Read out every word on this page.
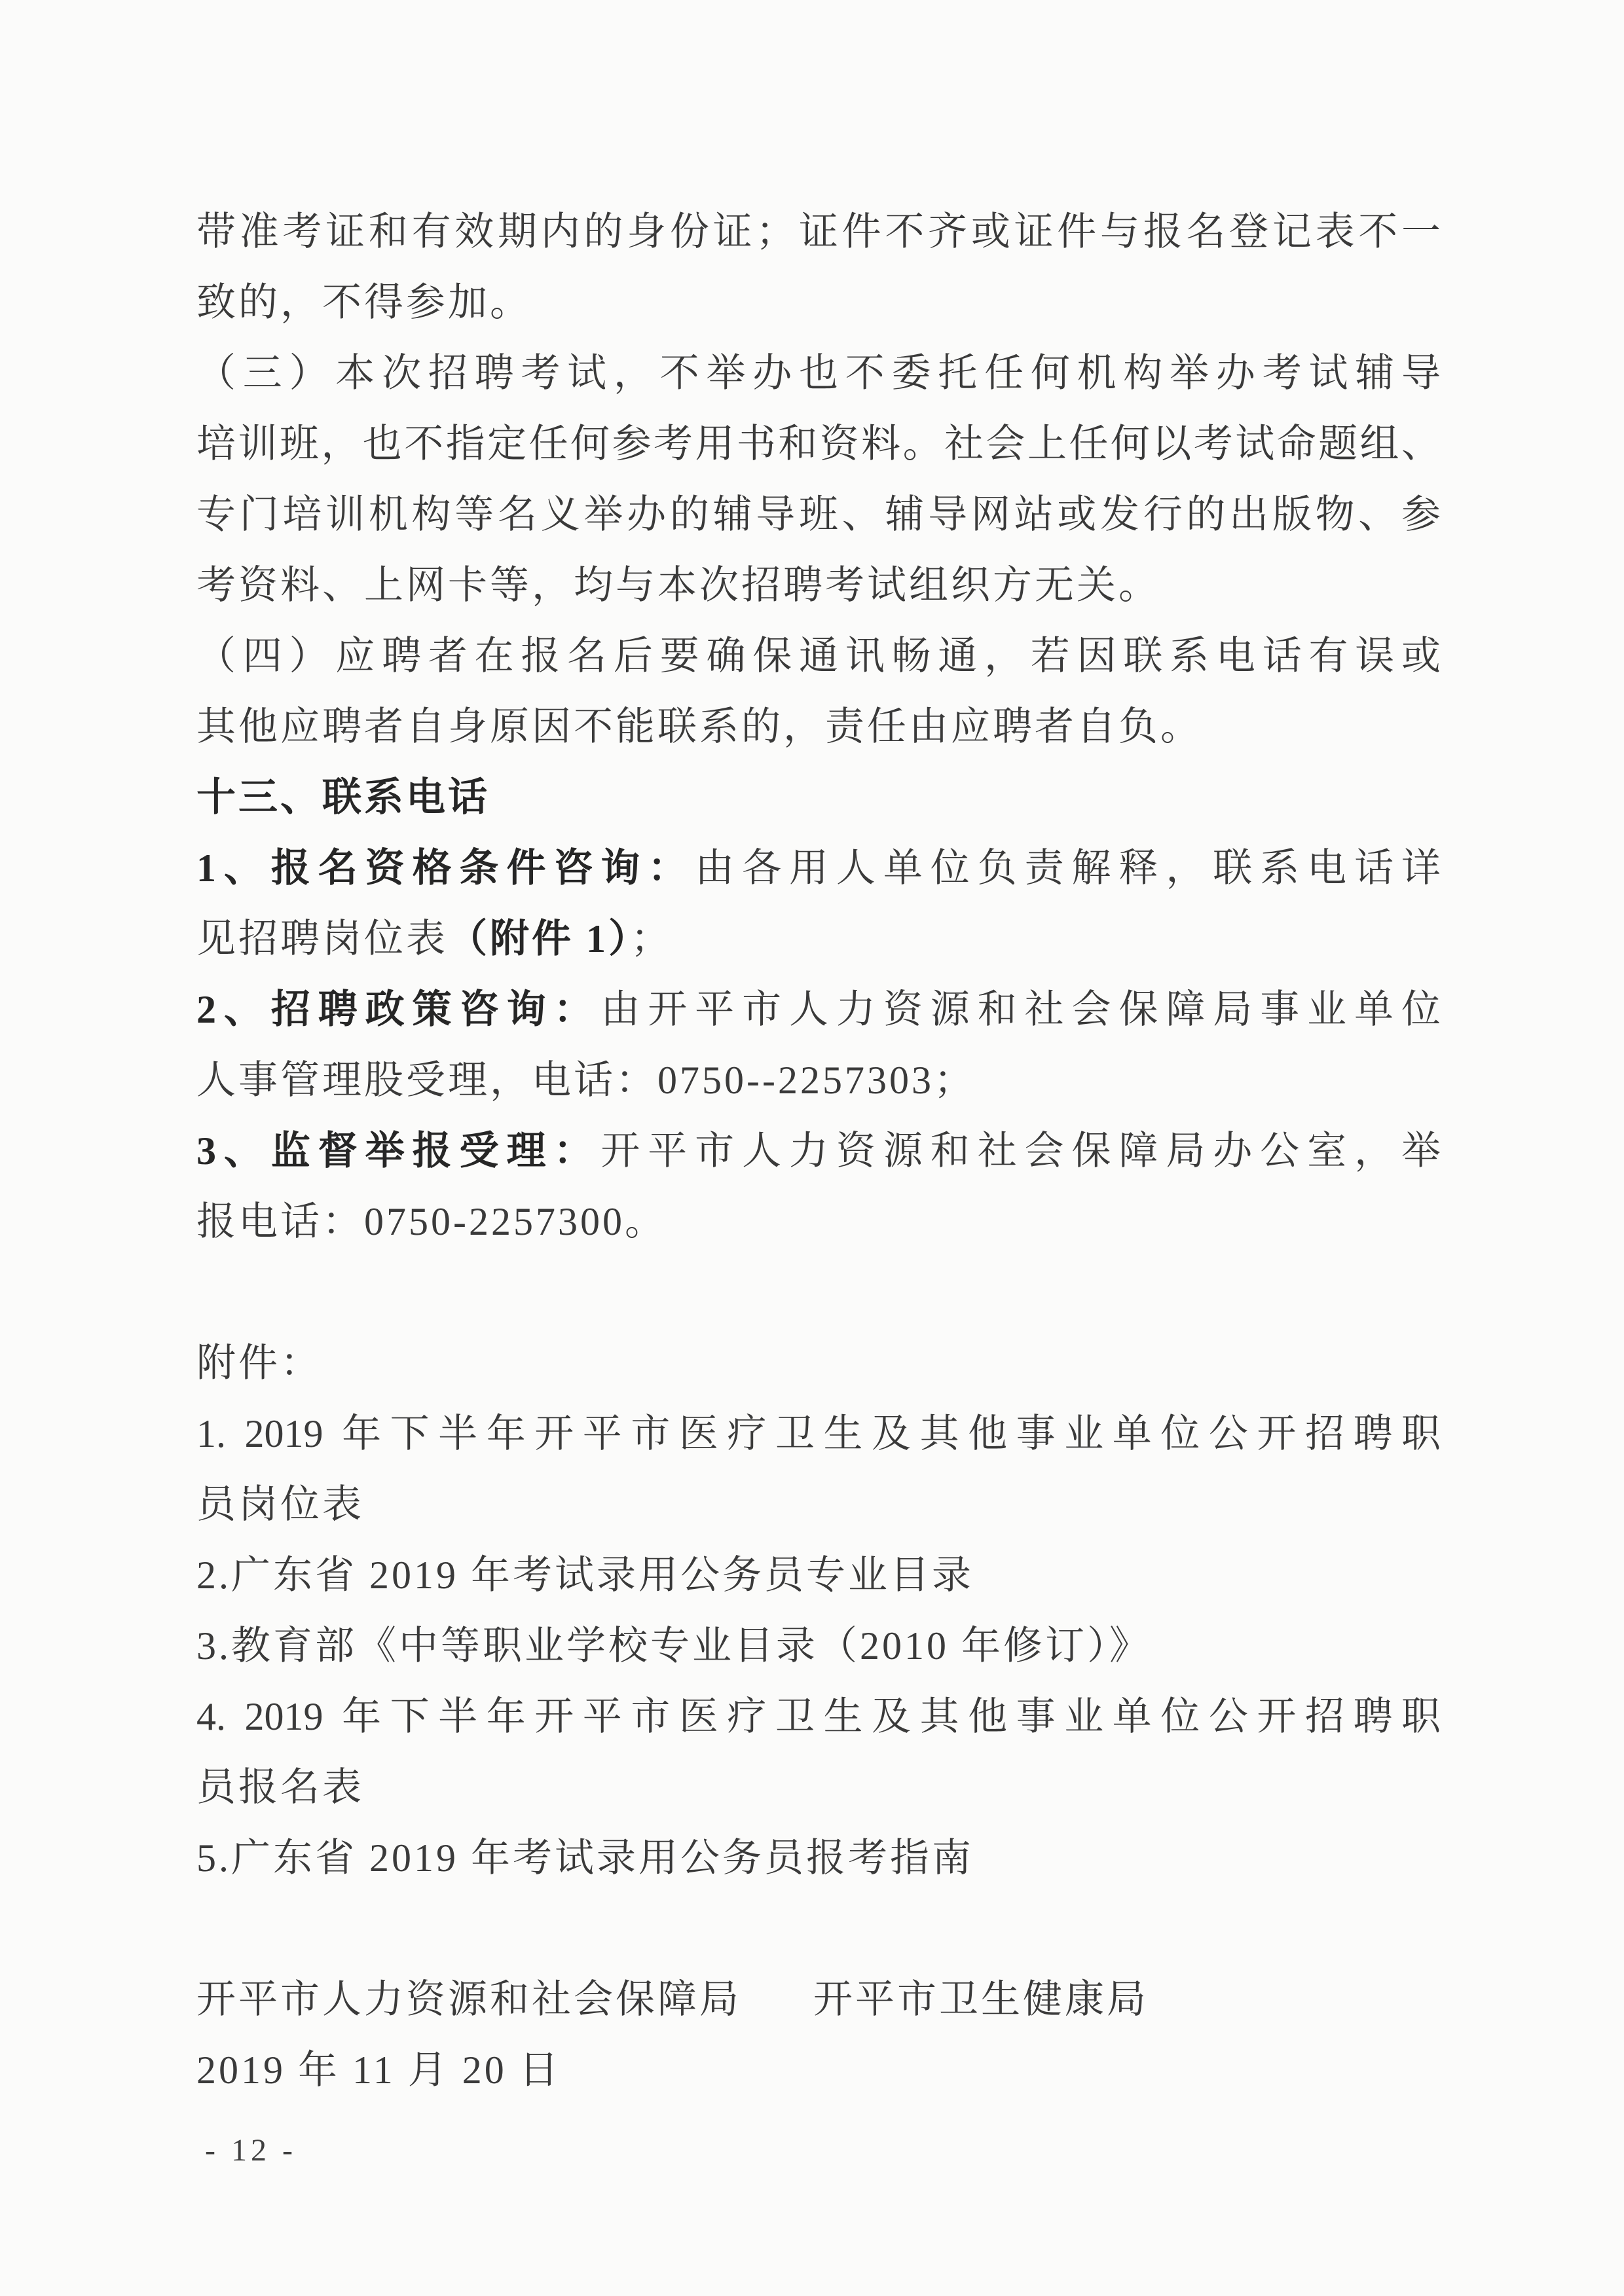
带准考证和有效期内的身份证；证件不齐或证件与报名登记表不一

致的，不得参加。

（三）本次招聘考试，不举办也不委托任何机构举办考试辅导

培训班，也不指定任何参考用书和资料。社会上任何以考试命题组、

专门培训机构等名义举办的辅导班、辅导网站或发行的出版物、参

考资料、上网卡等，均与本次招聘考试组织方无关。

（四）应聘者在报名后要确保通讯畅通，若因联系电话有误或

其他应聘者自身原因不能联系的，责任由应聘者自负。

十三、联系电话

1、报名资格条件咨询：由各用人单位负责解释，联系电话详

见招聘岗位表（附件 1）；

2、招聘政策咨询：由开平市人力资源和社会保障局事业单位

人事管理股受理，电话：0750--2257303；

3、监督举报受理：开平市人力资源和社会保障局办公室，举

报电话：0750-2257300。

附件：

1. 2019 年下半年开平市医疗卫生及其他事业单位公开招聘职

员岗位表

2.广东省 2019 年考试录用公务员专业目录

3.教育部《中等职业学校专业目录（2010 年修订）》

4. 2019 年下半年开平市医疗卫生及其他事业单位公开招聘职

员报名表

5.广东省 2019 年考试录用公务员报考指南

开平市人力资源和社会保障局 开平市卫生健康局

2019 年 11 月 20 日

- 12 -
